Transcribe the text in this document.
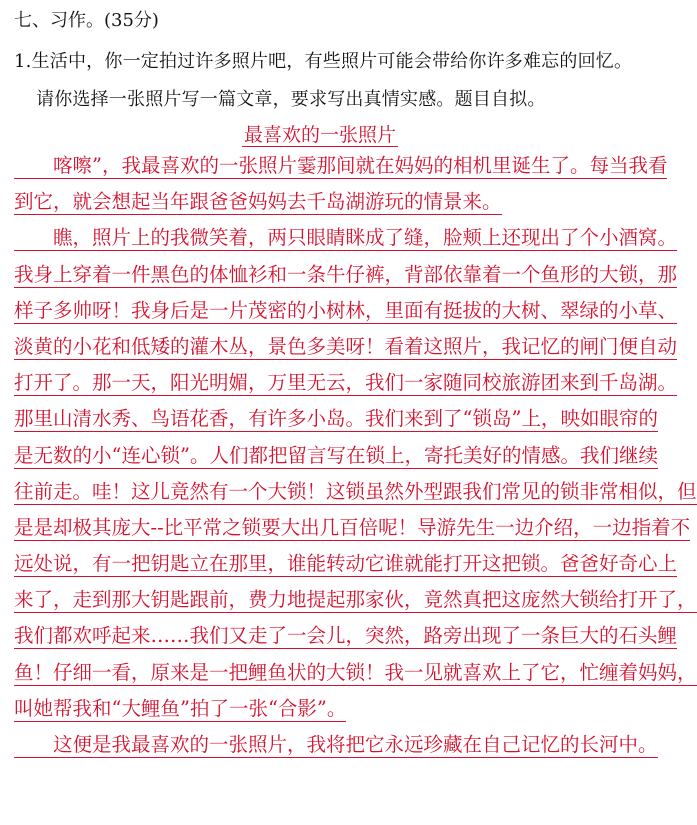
七、习作。(35分)
1.生活中，你一定拍过许多照片吧，有些照片可能会带给你许多难忘的回忆。
请你选择一张照片写一篇文章，要求写出真情实感。题目自拟。
最喜欢的一张照片
　　喀嚓”，我最喜欢的一张照片霎那间就在妈妈的相机里诞生了。每当我看
到它，就会想起当年跟爸爸妈妈去千岛湖游玩的情景来。
　　瞧，照片上的我微笑着，两只眼睛眯成了缝，脸颊上还现出了个小酒窝。
我身上穿着一件黑色的体恤衫和一条牛仔裤，背部依靠着一个鱼形的大锁，那
样子多帅呀！我身后是一片茂密的小树林，里面有挺拔的大树、翠绿的小草、
淡黄的小花和低矮的灌木丛，景色多美呀！看着这照片，我记忆的闸门便自动
打开了。那一天，阳光明媚，万里无云，我们一家随同校旅游团来到千岛湖。
那里山清水秀、鸟语花香，有许多小岛。我们来到了“锁岛”上，映如眼帘的
是无数的小“连心锁”。人们都把留言写在锁上，寄托美好的情感。我们继续
往前走。哇！这儿竟然有一个大锁！这锁虽然外型跟我们常见的锁非常相似，但
是是却极其庞大--比平常之锁要大出几百倍呢！导游先生一边介绍，一边指着不
远处说，有一把钥匙立在那里，谁能转动它谁就能打开这把锁。爸爸好奇心上
来了，走到那大钥匙跟前，费力地提起那家伙，竟然真把这庞然大锁给打开了，
我们都欢呼起来……我们又走了一会儿，突然，路旁出现了一条巨大的石头鲤
鱼！仔细一看，原来是一把鲤鱼状的大锁！我一见就喜欢上了它，忙缠着妈妈，
叫她帮我和“大鲤鱼”拍了一张“合影”。
　　这便是我最喜欢的一张照片，我将把它永远珍藏在自己记忆的长河中。
